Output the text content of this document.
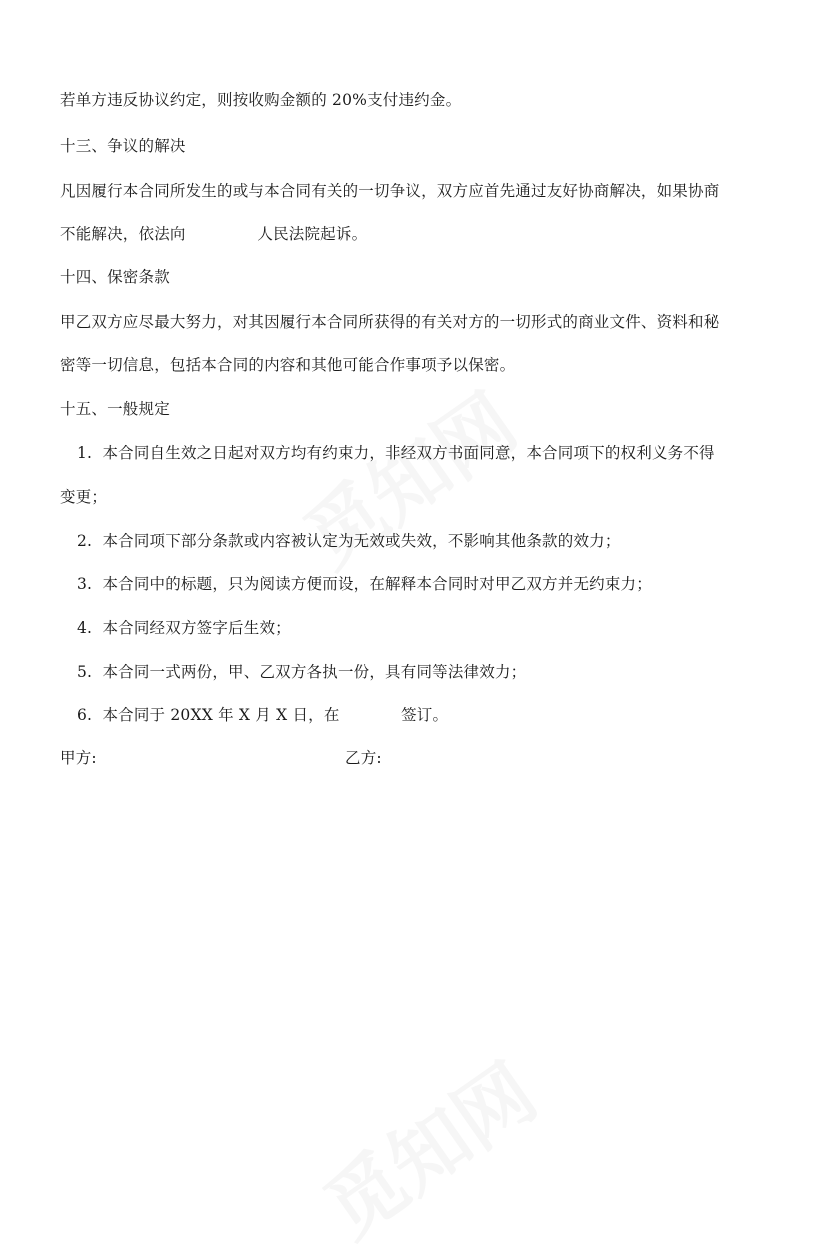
若单方违反协议约定，则按收购金额的 20%支付违约金。
十三、争议的解决
凡因履行本合同所发生的或与本合同有关的一切争议，双方应首先通过友好协商解决，如果协商
不能解决，依法向              人民法院起诉。
十四、保密条款
甲乙双方应尽最大努力，对其因履行本合同所获得的有关对方的一切形式的商业文件、资料和秘
密等一切信息，包括本合同的内容和其他可能合作事项予以保密。
十五、一般规定
1.  本合同自生效之日起对双方均有约束力，非经双方书面同意，本合同项下的权利义务不得
变更；
2.  本合同项下部分条款或内容被认定为无效或失效，不影响其他条款的效力；
3.  本合同中的标题，只为阅读方便而设，在解释本合同时对甲乙双方并无约束力；
4.  本合同经双方签字后生效；
5.  本合同一式两份，甲、乙双方各执一份，具有同等法律效力；
6.  本合同于 20XX 年 X 月 X 日，在            签订。
甲方:	乙方:
